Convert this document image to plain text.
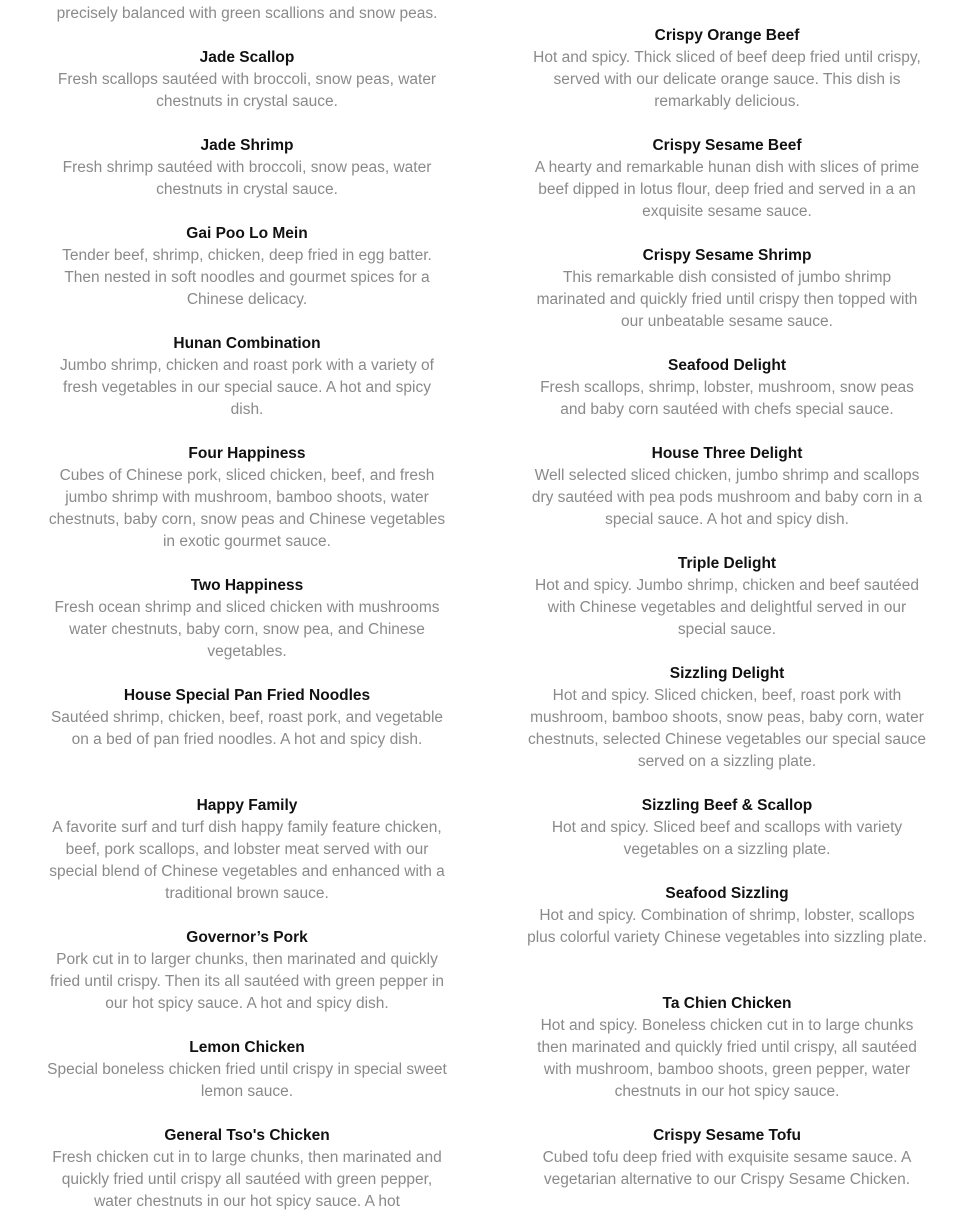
precisely balanced with green scallions and snow peas.
Jade Scallop
Fresh scallops sautéed with broccoli, snow peas, water chestnuts in crystal sauce.
Jade Shrimp
Fresh shrimp sautéed with broccoli, snow peas, water chestnuts in crystal sauce.
Gai Poo Lo Mein
Tender beef, shrimp, chicken, deep fried in egg batter. Then nested in soft noodles and gourmet spices for a Chinese delicacy.
Hunan Combination
Jumbo shrimp, chicken and roast pork with a variety of fresh vegetables in our special sauce. A hot and spicy dish.
Four Happiness
Cubes of Chinese pork, sliced chicken, beef, and fresh jumbo shrimp with mushroom, bamboo shoots, water chestnuts, baby corn, snow peas and Chinese vegetables in exotic gourmet sauce.
Two Happiness
Fresh ocean shrimp and sliced chicken with mushrooms water chestnuts, baby corn, snow pea, and Chinese vegetables.
House Special Pan Fried Noodles
Sautéed shrimp, chicken, beef, roast pork, and vegetable on a bed of pan fried noodles. A hot and spicy dish.
Happy Family
A favorite surf and turf dish happy family feature chicken, beef, pork scallops, and lobster meat served with our special blend of Chinese vegetables and enhanced with a traditional brown sauce.
Governor’s Pork
Pork cut in to larger chunks, then marinated and quickly fried until crispy. Then its all sautéed with green pepper in our hot spicy sauce. A hot and spicy dish.
Lemon Chicken
Special boneless chicken fried until crispy in special sweet lemon sauce.
General Tso's Chicken
Fresh chicken cut in to large chunks, then marinated and quickly fried until crispy all sautéed with green pepper, water chestnuts in our hot spicy sauce. A hot
Crispy Orange Beef
Hot and spicy. Thick sliced of beef deep fried until crispy, served with our delicate orange sauce. This dish is remarkably delicious.
Crispy Sesame Beef
A hearty and remarkable hunan dish with slices of prime beef dipped in lotus flour, deep fried and served in a an exquisite sesame sauce.
Crispy Sesame Shrimp
This remarkable dish consisted of jumbo shrimp marinated and quickly fried until crispy then topped with our unbeatable sesame sauce.
Seafood Delight
Fresh scallops, shrimp, lobster, mushroom, snow peas and baby corn sautéed with chefs special sauce.
House Three Delight
Well selected sliced chicken, jumbo shrimp and scallops dry sautéed with pea pods mushroom and baby corn in a special sauce. A hot and spicy dish.
Triple Delight
Hot and spicy. Jumbo shrimp, chicken and beef sautéed with Chinese vegetables and delightful served in our special sauce.
Sizzling Delight
Hot and spicy. Sliced chicken, beef, roast pork with mushroom, bamboo shoots, snow peas, baby corn, water chestnuts, selected Chinese vegetables our special sauce served on a sizzling plate.
Sizzling Beef & Scallop
Hot and spicy. Sliced beef and scallops with variety vegetables on a sizzling plate.
Seafood Sizzling
Hot and spicy. Combination of shrimp, lobster, scallops plus colorful variety Chinese vegetables into sizzling plate.
Ta Chien Chicken
Hot and spicy. Boneless chicken cut in to large chunks then marinated and quickly fried until crispy, all sautéed with mushroom, bamboo shoots, green pepper, water chestnuts in our hot spicy sauce.
Crispy Sesame Tofu
Cubed tofu deep fried with exquisite sesame sauce. A vegetarian alternative to our Crispy Sesame Chicken.
